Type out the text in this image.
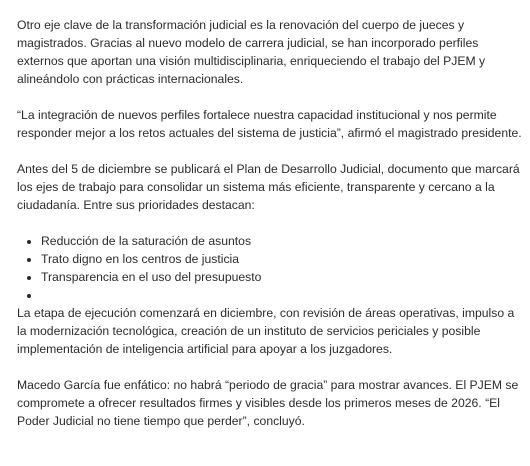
Otro eje clave de la transformación judicial es la renovación del cuerpo de jueces y magistrados. Gracias al nuevo modelo de carrera judicial, se han incorporado perfiles externos que aportan una visión multidisciplinaria, enriqueciendo el trabajo del PJEM y alineándolo con prácticas internacionales.

“La integración de nuevos perfiles fortalece nuestra capacidad institucional y nos permite responder mejor a los retos actuales del sistema de justicia”, afirmó el magistrado presidente.

Antes del 5 de diciembre se publicará el Plan de Desarrollo Judicial, documento que marcará los ejes de trabajo para consolidar un sistema más eficiente, transparente y cercano a la ciudadanía. Entre sus prioridades destacan:

• Reducción de la saturación de asuntos
• Trato digno en los centros de justicia
• Transparencia en el uso del presupuesto
•

La etapa de ejecución comenzará en diciembre, con revisión de áreas operativas, impulso a la modernización tecnológica, creación de un instituto de servicios periciales y posible implementación de inteligencia artificial para apoyar a los juzgadores.

Macedo García fue enfático: no habrá “periodo de gracia” para mostrar avances. El PJEM se compromete a ofrecer resultados firmes y visibles desde los primeros meses de 2026. “El Poder Judicial no tiene tiempo que perder”, concluyó.
